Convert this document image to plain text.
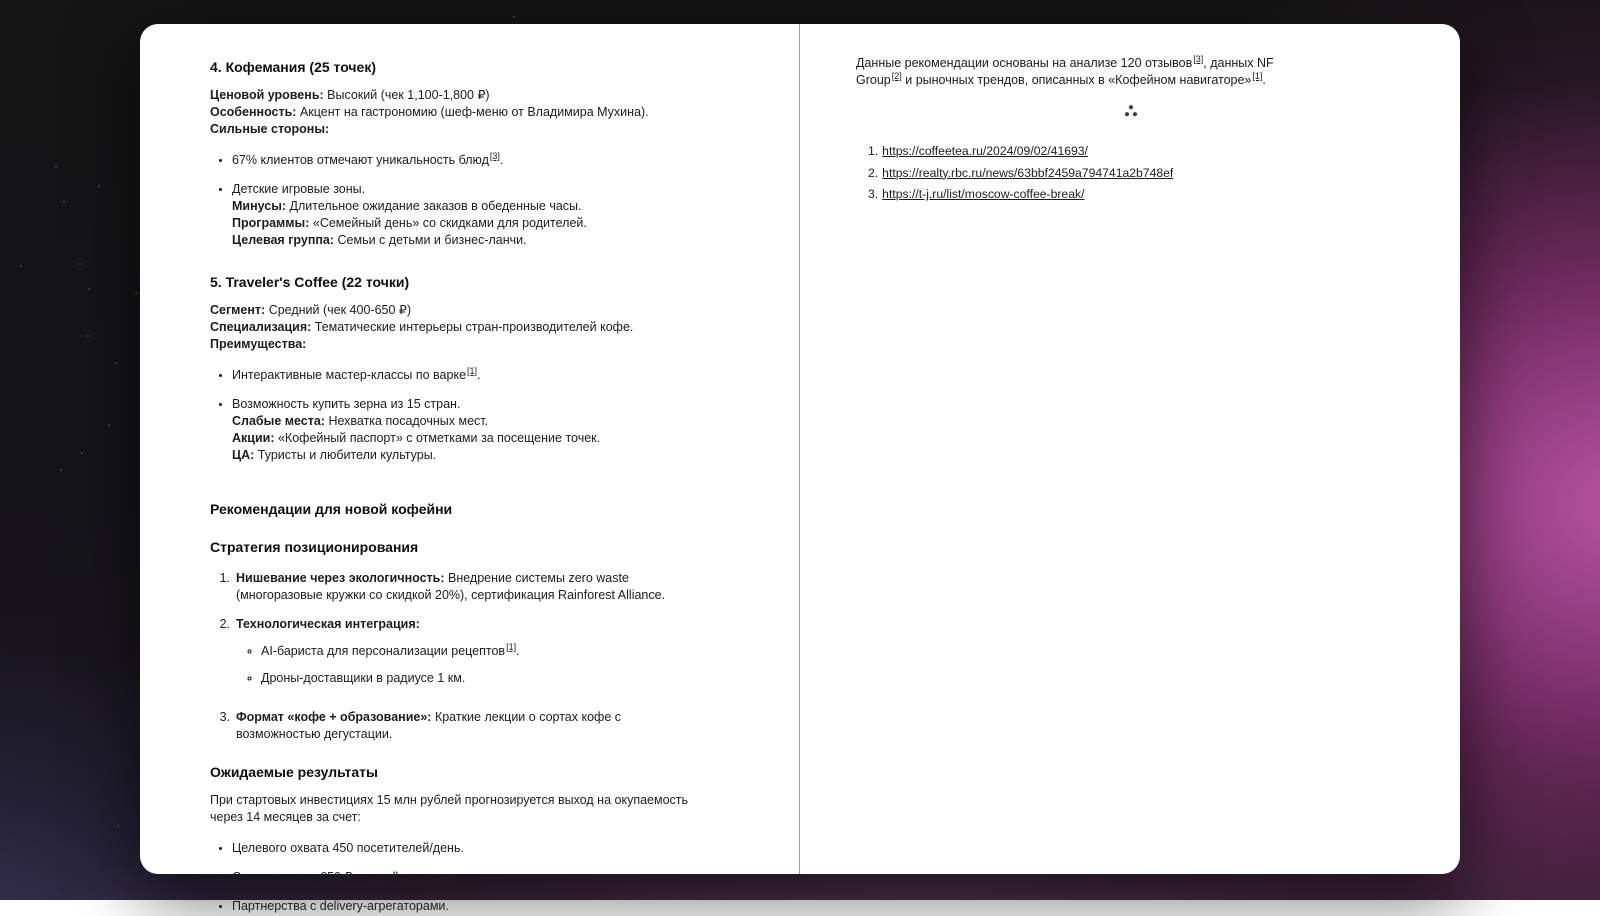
4. Кофемания (25 точек)

Ценовой уровень: Высокий (чек 1,100-1,800 ₽)
Особенность: Акцент на гастрономию (шеф-меню от Владимира Мухина).
Сильные стороны:

• 67% клиентов отмечают уникальность блюд[3].
• Детские игровые зоны.
Минусы: Длительное ожидание заказов в обеденные часы.
Программы: «Семейный день» со скидками для родителей.
Целевая группа: Семьи с детьми и бизнес-ланчи.
5. Traveler's Coffee (22 точки)

Сегмент: Средний (чек 400-650 ₽)
Специализация: Тематические интерьеры стран-производителей кофе.
Преимущества:

• Интерактивные мастер-классы по варке[1].
• Возможность купить зерна из 15 стран.
Слабые места: Нехватка посадочных мест.
Акции: «Кофейный паспорт» с отметками за посещение точек.
ЦА: Туристы и любители культуры.
Рекомендации для новой кофейни
Стратегия позиционирования
1. Нишевание через экологичность: Внедрение системы zero waste (многоразовые кружки со скидкой 20%), сертификация Rainforest Alliance.
2. Технологическая интеграция:
◦ AI-бариста для персонализации рецептов[1].
◦ Дроны-доставщики в радиусе 1 км.
3. Формат «кофе + образование»: Краткие лекции о сортах кофе с возможностью дегустации.
Ожидаемые результаты

При стартовых инвестициях 15 млн рублей прогнозируется выход на окупаемость через 14 месяцев за счет:

• Целевого охвата 450 посетителей/день.
• Среднего чека 650 ₽ с upsell десертов.
• Партнерства с delivery-агрегаторами.

Данные рекомендации основаны на анализе 120 отзывов[3], данных NF Group[2] и рыночных трендов, описанных в «Кофейном навигаторе»[1].

1. https://coffeetea.ru/2024/09/02/41693/
2. https://realty.rbc.ru/news/63bbf2459a794741a2b748ef
3. https://t-j.ru/list/moscow-coffee-break/
